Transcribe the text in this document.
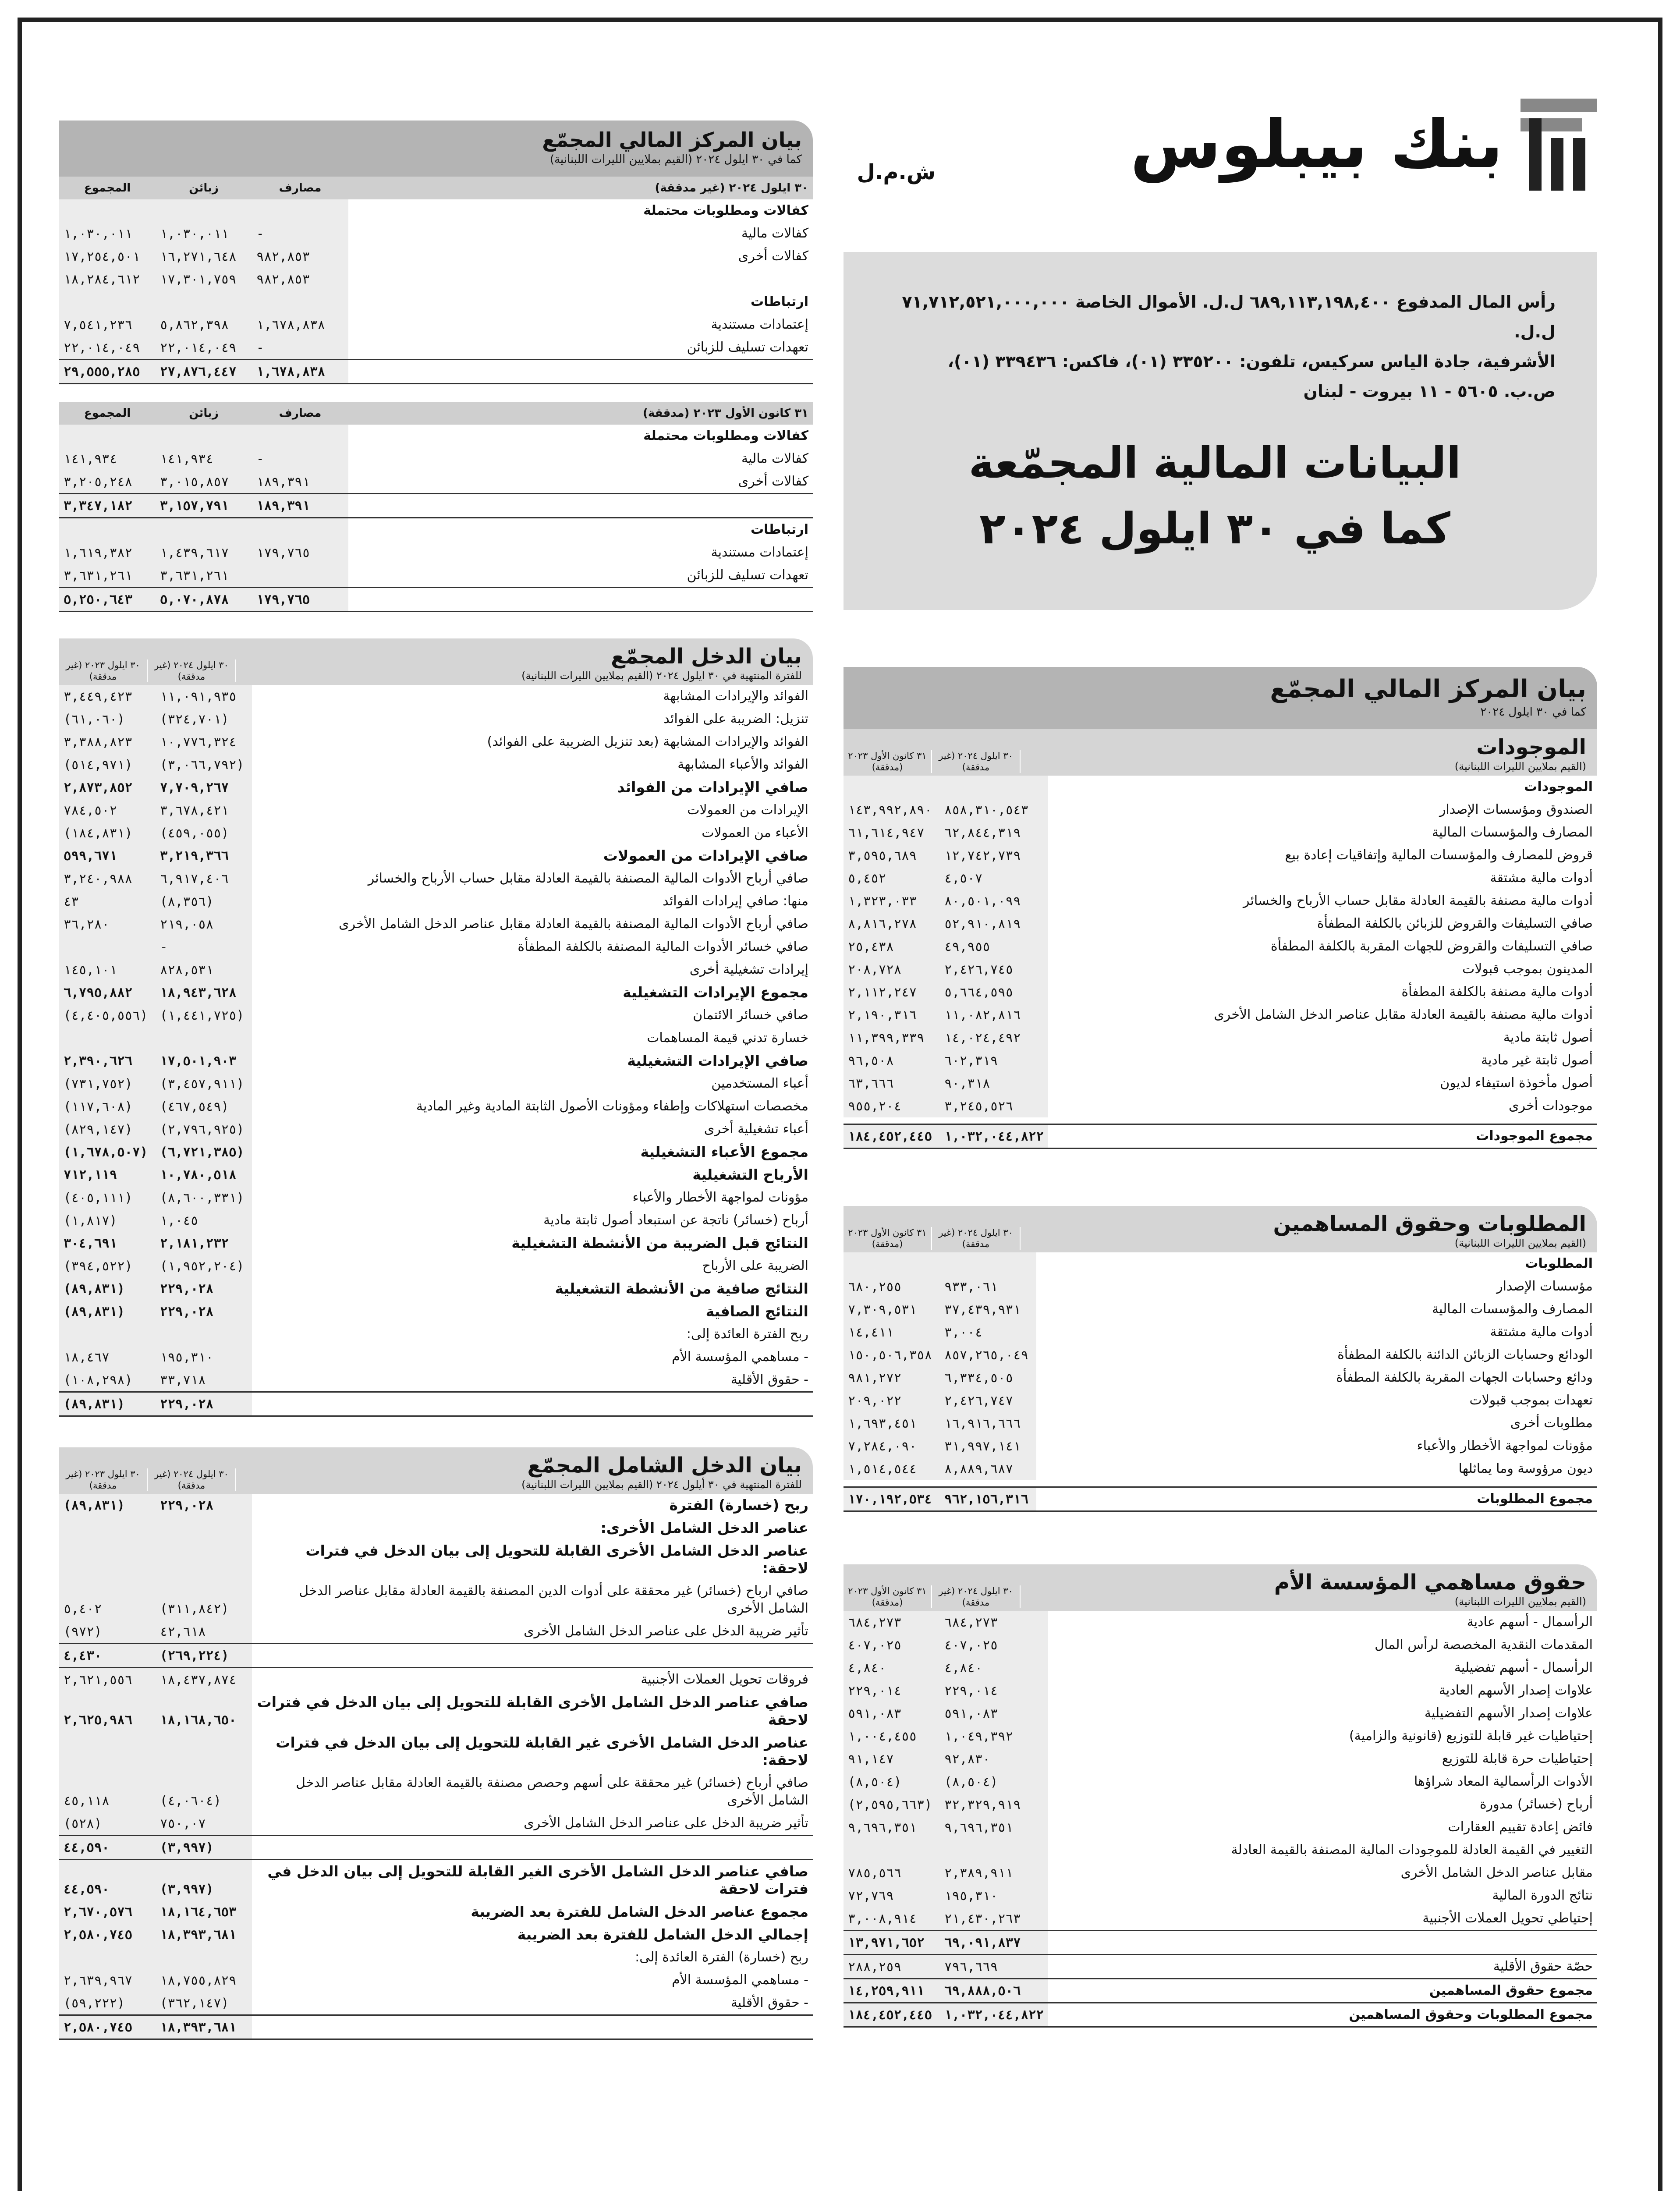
بنك بيبلوس
ش.م.ل
رأس المال المدفوع ٦٨٩,١١٣,١٩٨,٤٠٠ ل.ل. الأموال الخاصة ٧١,٧١٢,٥٢١,٠٠٠,٠٠٠ ل.ل.
الأشرفية، جادة الياس سركيس، تلفون: ٣٣٥٢٠٠ (٠١)، فاكس: ٣٣٩٤٣٦ (٠١)،
ص.ب. ٥٦٠٥ - ١١ بيروت - لبنان
البيانات المالية المجمّعة
كما في ٣٠ ايلول ٢٠٢٤
بيان المركز المالي المجمّع
كما في ٣٠ ايلول ٢٠٢٤
الموجودات
(القيم بملايين الليرات اللبنانية)
٣٠ ايلول ٢٠٢٤ (غير مدققة)
٣١ كانون الأول ٢٠٢٣ (مدققة)
الموجودات		
الصندوق ومؤسسات الإصدار	٨٥٨,٣١٠,٥٤٣	١٤٣,٩٩٢,٨٩٠
المصارف والمؤسسات المالية	٦٢,٨٤٤,٣١٩	٦١,٦١٤,٩٤٧
قروض للمصارف والمؤسسات المالية وإتفاقيات إعادة بيع	١٢,٧٤٢,٧٣٩	٣,٥٩٥,٦٨٩
أدوات مالية مشتقة	٤,٥٠٧	٥,٤٥٢
أدوات مالية مصنفة بالقيمة العادلة مقابل حساب الأرباح والخسائر	٨٠,٥٠١,٠٩٩	١,٣٢٣,٠٣٣
صافي التسليفات والقروض للزبائن بالكلفة المطفأة	٥٢,٩١٠,٨١٩	٨,٨١٦,٢٧٨
صافي التسليفات والقروض للجهات المقربة بالكلفة المطفأة	٤٩,٩٥٥	٢٥,٤٣٨
المدينون بموجب قبولات	٢,٤٢٦,٧٤٥	٢٠٨,٧٢٨
أدوات مالية مصنفة بالكلفة المطفأة	٥,٦٦٤,٥٩٥	٢,١١٢,٢٤٧
أدوات مالية مصنفة بالقيمة العادلة مقابل عناصر الدخل الشامل الأخرى	١١,٠٨٢,٨١٦	٢,١٩٠,٣١٦
أصول ثابتة مادية	١٤,٠٢٤,٤٩٢	١١,٣٩٩,٣٣٩
أصول ثابتة غير مادية	٦٠٢,٣١٩	٩٦,٥٠٨
أصول مأخوذة استيفاء لديون	٩٠,٣١٨	٦٣,٦٦٦
موجودات أخرى	٣,٢٤٥,٥٢٦	٩٥٥,٢٠٤

مجموع الموجودات	١,٠٣٢,٠٤٤,٨٢٢	١٨٤,٤٥٢,٤٤٥
المطلوبات وحقوق المساهمين
(القيم بملايين الليرات اللبنانية)
٣٠ ايلول ٢٠٢٤ (غير مدققة)
٣١ كانون الأول ٢٠٢٣ (مدققة)
المطلوبات		
مؤسسات الإصدار	٩٣٣,٠٦١	٦٨٠,٢٥٥
المصارف والمؤسسات المالية	٣٧,٤٣٩,٩٣١	٧,٣٠٩,٥٣١
أدوات مالية مشتقة	٣,٠٠٤	١٤,٤١١
الودائع وحسابات الزبائن الدائنة بالكلفة المطفأة	٨٥٧,٢٦٥,٠٤٩	١٥٠,٥٠٦,٣٥٨
ودائع وحسابات الجهات المقربة بالكلفة المطفأة	٦,٣٣٤,٥٠٥	٩٨١,٢٧٢
تعهدات بموجب قبولات	٢,٤٢٦,٧٤٧	٢٠٩,٠٢٢
مطلوبات أخرى	١٦,٩١٦,٦٦٦	١,٦٩٣,٤٥١
مؤونات لمواجهة الأخطار والأعباء	٣١,٩٩٧,١٤١	٧,٢٨٤,٠٩٠
ديون مرؤوسة وما يماثلها	٨,٨٨٩,٦٨٧	١,٥١٤,٥٤٤

مجموع المطلوبات	٩٦٢,١٥٦,٣١٦	١٧٠,١٩٢,٥٣٤
حقوق مساهمي المؤسسة الأم
(القيم بملايين الليرات اللبنانية)
٣٠ ايلول ٢٠٢٤ (غير مدققة)
٣١ كانون الأول ٢٠٢٣ (مدققة)
الرأسمال - أسهم عادية	٦٨٤,٢٧٣	٦٨٤,٢٧٣
المقدمات النقدية المخصصة لرأس المال	٤٠٧,٠٢٥	٤٠٧,٠٢٥
الرأسمال - أسهم تفضيلية	٤,٨٤٠	٤,٨٤٠
علاوات إصدار الأسهم العادية	٢٢٩,٠١٤	٢٢٩,٠١٤
علاوات إصدار الأسهم التفضيلية	٥٩١,٠٨٣	٥٩١,٠٨٣
إحتياطيات غير قابلة للتوزيع (قانونية والزامية)	١,٠٤٩,٣٩٢	١,٠٠٤,٤٥٥
إحتياطيات حرة قابلة للتوزيع	٩٢,٨٣٠	٩١,١٤٧
الأدوات الرأسمالية المعاد شراؤها	(٨,٥٠٤)	(٨,٥٠٤)
أرباح (خسائر) مدورة	٣٢,٣٢٩,٩١٩	(٢,٥٩٥,٦٦٣)
فائض إعادة تقييم العقارات	٩,٦٩٦,٣٥١	٩,٦٩٦,٣٥١
التغيير في القيمة العادلة للموجودات المالية المصنفة بالقيمة العادلة		
مقابل عناصر الدخل الشامل الأخرى	٢,٣٨٩,٩١١	٧٨٥,٥٦٦
نتائج الدورة المالية	١٩٥,٣١٠	٧٢,٧٦٩
إحتياطي تحويل العملات الأجنبية	٢١,٤٣٠,٢٦٣	٣,٠٠٨,٩١٤
	٦٩,٠٩١,٨٣٧	١٣,٩٧١,٦٥٢
حصّة حقوق الأقلية	٧٩٦,٦٦٩	٢٨٨,٢٥٩
مجموع حقوق المساهمين	٦٩,٨٨٨,٥٠٦	١٤,٢٥٩,٩١١
مجموع المطلوبات وحقوق المساهمين	١,٠٣٢,٠٤٤,٨٢٢	١٨٤,٤٥٢,٤٤٥
بيان المركز المالي المجمّع
كما في ٣٠ ايلول ٢٠٢٤ (القيم بملايين الليرات اللبنانية)
٣٠ ايلول ٢٠٢٤ (غير مدققة)	مصارف	زبائن	المجموع
كفالات ومطلوبات محتملة			
كفالات مالية	-	١,٠٣٠,٠١١	١,٠٣٠,٠١١
كفالات أخرى	٩٨٢,٨٥٣	١٦,٢٧١,٦٤٨	١٧,٢٥٤,٥٠١
	٩٨٢,٨٥٣	١٧,٣٠١,٧٥٩	١٨,٢٨٤,٦١٢
ارتباطات			
إعتمادات مستندية	١,٦٧٨,٨٣٨	٥,٨٦٢,٣٩٨	٧,٥٤١,٢٣٦
تعهدات تسليف للزبائن	-	٢٢,٠١٤,٠٤٩	٢٢,٠١٤,٠٤٩
	١,٦٧٨,٨٣٨	٢٧,٨٧٦,٤٤٧	٢٩,٥٥٥,٢٨٥
٣١ كانون الأول ٢٠٢٣ (مدققة)	مصارف	زبائن	المجموع
كفالات ومطلوبات محتملة			
كفالات مالية	-	١٤١,٩٣٤	١٤١,٩٣٤
كفالات أخرى	١٨٩,٣٩١	٣,٠١٥,٨٥٧	٣,٢٠٥,٢٤٨
	١٨٩,٣٩١	٣,١٥٧,٧٩١	٣,٣٤٧,١٨٢
ارتباطات			
إعتمادات مستندية	١٧٩,٧٦٥	١,٤٣٩,٦١٧	١,٦١٩,٣٨٢
تعهدات تسليف للزبائن		٣,٦٣١,٢٦١	٣,٦٣١,٢٦١
	١٧٩,٧٦٥	٥,٠٧٠,٨٧٨	٥,٢٥٠,٦٤٣
بيان الدخل المجمّع
للفترة المنتهية في ٣٠ ايلول ٢٠٢٤ (القيم بملايين الليرات اللبنانية)
٣٠ ايلول ٢٠٢٤ (غير مدققة)
٣٠ ايلول ٢٠٢٣ (غير مدققة)
الفوائد والإيرادات المشابهة	١١,٠٩١,٩٣٥	٣,٤٤٩,٤٢٣
تنزيل: الضريبة على الفوائد	(٣٢٤,٧٠١)	(٦١,٠٦٠)
الفوائد والإيرادات المشابهة (بعد تنزيل الضريبة على الفوائد)	١٠,٧٧٦,٣٢٤	٣,٣٨٨,٨٢٣
الفوائد والأعباء المشابهة	(٣,٠٦٦,٧٩٢)	(٥١٤,٩٧١)
صافي الإيرادات من الفوائد	٧,٧٠٩,٢٦٧	٢,٨٧٣,٨٥٢
الإيرادات من العمولات	٣,٦٧٨,٤٢١	٧٨٤,٥٠٢
الأعباء من العمولات	(٤٥٩,٠٥٥)	(١٨٤,٨٣١)
صافي الإيرادات من العمولات	٣,٢١٩,٣٦٦	٥٩٩,٦٧١
صافي أرباح الأدوات المالية المصنفة بالقيمة العادلة مقابل حساب الأرباح والخسائر	٦,٩١٧,٤٠٦	٣,٢٤٠,٩٨٨
منها: صافي إيرادات الفوائد	(٨,٣٥٦)	٤٣
صافي أرباح الأدوات المالية المصنفة بالقيمة العادلة مقابل عناصر الدخل الشامل الأخرى	٢١٩,٠٥٨	٣٦,٢٨٠
صافي خسائر الأدوات المالية المصنفة بالكلفة المطفأة	-	
إيرادات تشغيلية أخرى	٨٢٨,٥٣١	١٤٥,١٠١
مجموع الإيرادات التشغيلية	١٨,٩٤٣,٦٢٨	٦,٧٩٥,٨٨٢
صافي خسائر الائتمان	(١,٤٤١,٧٢٥)	(٤,٤٠٥,٥٥٦)
خسارة تدني قيمة المساهمات		
صافي الإيرادات التشغيلية	١٧,٥٠١,٩٠٣	٢,٣٩٠,٦٢٦
أعباء المستخدمين	(٣,٤٥٧,٩١١)	(٧٣١,٧٥٢)
مخصصات استهلاكات وإطفاء ومؤونات الأصول الثابتة المادية وغير المادية	(٤٦٧,٥٤٩)	(١١٧,٦٠٨)
أعباء تشغيلية أخرى	(٢,٧٩٦,٩٢٥)	(٨٢٩,١٤٧)
مجموع الأعباء التشغيلية	(٦,٧٢١,٣٨٥)	(١,٦٧٨,٥٠٧)
الأرباح التشغيلية	١٠,٧٨٠,٥١٨	٧١٢,١١٩
مؤونات لمواجهة الأخطار والأعباء	(٨,٦٠٠,٣٣١)	(٤٠٥,١١١)
أرباح (خسائر) ناتجة عن استبعاد أصول ثابتة مادية	١,٠٤٥	(١,٨١٧)
النتائج قبل الضريبة من الأنشطة التشغيلية	٢,١٨١,٢٣٢	٣٠٤,٦٩١
الضريبة على الأرباح	(١,٩٥٢,٢٠٤)	(٣٩٤,٥٢٢)
النتائج صافية من الأنشطة التشغيلية	٢٢٩,٠٢٨	(٨٩,٨٣١)
النتائج الصافية	٢٢٩,٠٢٨	(٨٩,٨٣١)
ربح الفترة العائدة إلى:		
- مساهمي المؤسسة الأم	١٩٥,٣١٠	١٨,٤٦٧
- حقوق الأقلية	٣٣,٧١٨	(١٠٨,٢٩٨)
	٢٢٩,٠٢٨	(٨٩,٨٣١)
بيان الدخل الشامل المجمّع
للفترة المنتهية في ٣٠ أيلول ٢٠٢٤ (القيم بملايين الليرات اللبنانية)
٣٠ ايلول ٢٠٢٤ (غير مدققة)
٣٠ ايلول ٢٠٢٣ (غير مدققة)
ربح (خسارة) الفترة	٢٢٩,٠٢٨	(٨٩,٨٣١)
عناصر الدخل الشامل الأخرى:		
عناصر الدخل الشامل الأخرى القابلة للتحويل إلى بيان الدخل في فترات لاحقة:		
صافي ارباح (خسائر) غير محققة على أدوات الدين المصنفة بالقيمة العادلة مقابل عناصر الدخل الشامل الأخرى	(٣١١,٨٤٢)	٥,٤٠٢
تأثير ضريبة الدخل على عناصر الدخل الشامل الأخرى	٤٢,٦١٨	(٩٧٢)
	(٢٦٩,٢٢٤)	٤,٤٣٠
فروقات تحويل العملات الأجنبية	١٨,٤٣٧,٨٧٤	٢,٦٢١,٥٥٦
صافي عناصر الدخل الشامل الأخرى القابلة للتحويل إلى بيان الدخل في فترات لاحقة	١٨,١٦٨,٦٥٠	٢,٦٢٥,٩٨٦
عناصر الدخل الشامل الأخرى غير القابلة للتحويل إلى بيان الدخل في فترات لاحقة:		
صافي أرباح (خسائر) غير محققة على أسهم وحصص مصنفة بالقيمة العادلة مقابل عناصر الدخل الشامل الأخرى	(٤,٠٦٠٤)	٤٥,١١٨
تأثير ضريبة الدخل على عناصر الدخل الشامل الأخرى	٧٥٠,٠٧	(٥٢٨)
	(٣,٩٩٧)	٤٤,٥٩٠
صافي عناصر الدخل الشامل الأخرى الغير القابلة للتحويل إلى بيان الدخل في فترات لاحقة	(٣,٩٩٧)	٤٤,٥٩٠
مجموع عناصر الدخل الشامل للفترة بعد الضريبة	١٨,١٦٤,٦٥٣	٢,٦٧٠,٥٧٦
إجمالي الدخل الشامل للفترة بعد الضريبة	١٨,٣٩٣,٦٨١	٢,٥٨٠,٧٤٥
ربح (خسارة) الفترة العائدة إلى:		
- مساهمي المؤسسة الأم	١٨,٧٥٥,٨٢٩	٢,٦٣٩,٩٦٧
- حقوق الأقلية	(٣٦٢,١٤٧)	(٥٩,٢٢٢)
	١٨,٣٩٣,٦٨١	٢,٥٨٠,٧٤٥
